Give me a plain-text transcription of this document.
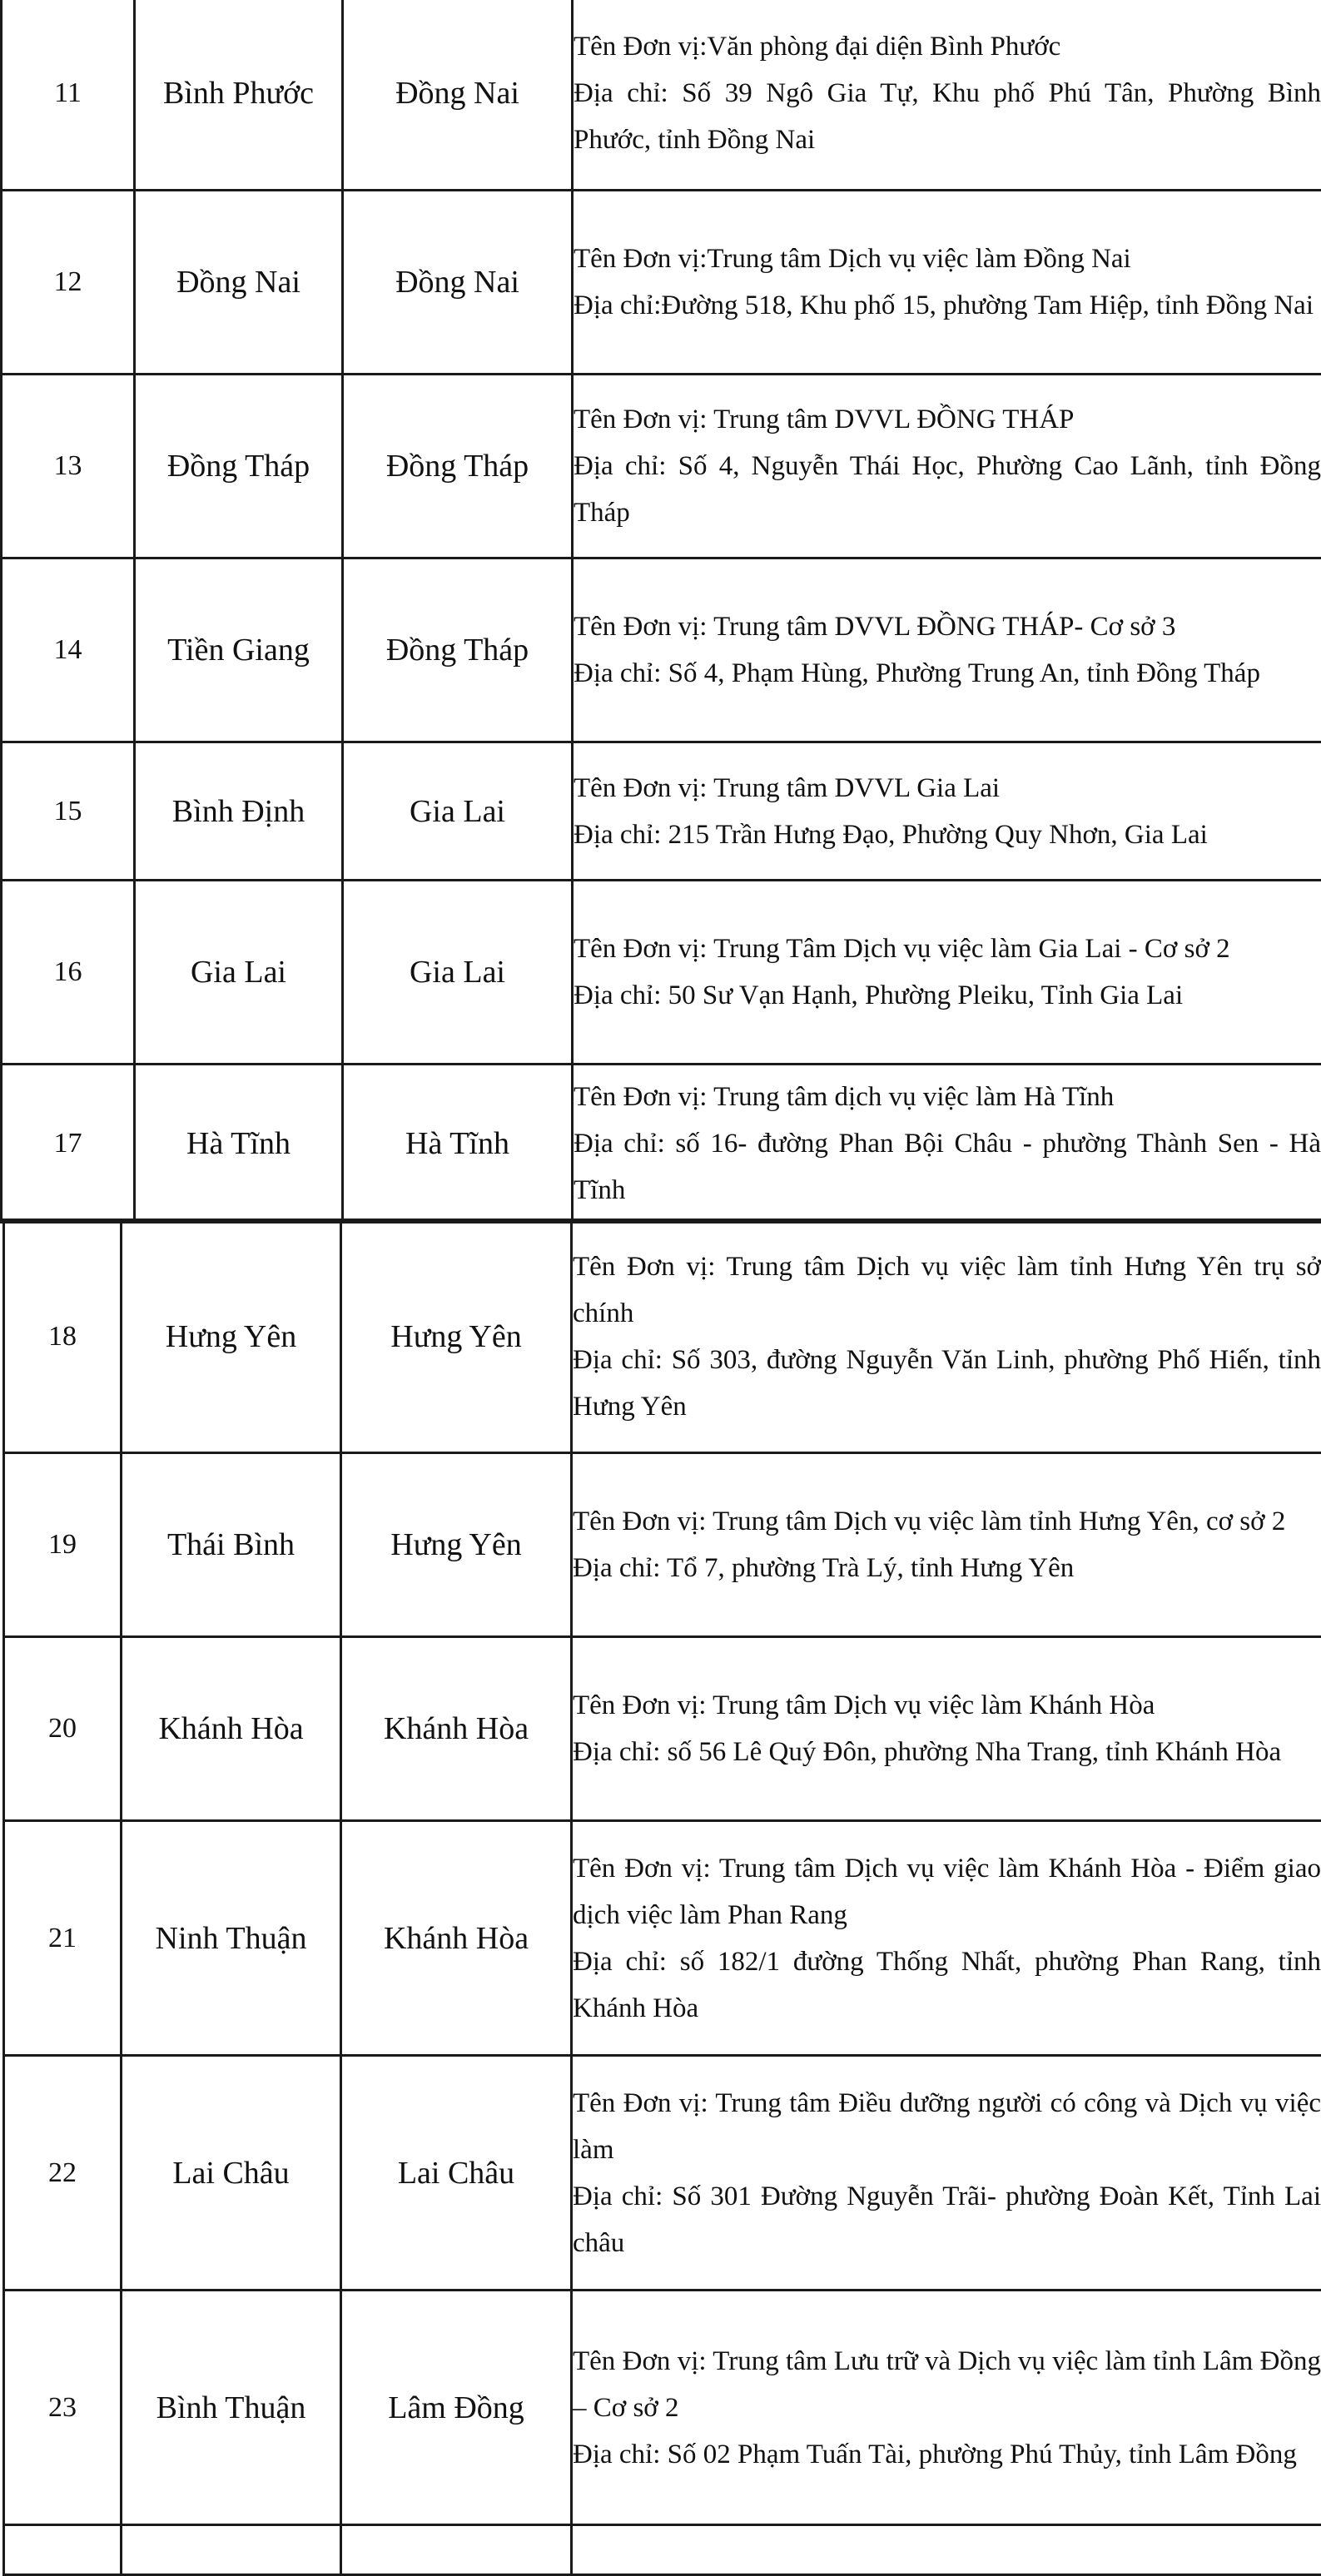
11	Bình Phước	Đồng Nai	Tên Đơn vị:Văn phòng đại diện Bình Phước
Địa chỉ: Số 39 Ngô Gia Tự, Khu phố Phú Tân, Phường Bình Phước, tỉnh Đồng Nai

12	Đồng Nai	Đồng Nai	Tên Đơn vị:Trung tâm Dịch vụ việc làm Đồng Nai
Địa chỉ:Đường 518, Khu phố 15, phường Tam Hiệp, tỉnh Đồng Nai

13	Đồng Tháp	Đồng Tháp	Tên Đơn vị: Trung tâm DVVL ĐỒNG THÁP
Địa chỉ: Số 4, Nguyễn Thái Học, Phường Cao Lãnh, tỉnh Đồng Tháp

14	Tiền Giang	Đồng Tháp	Tên Đơn vị: Trung tâm DVVL ĐỒNG THÁP- Cơ sở 3
Địa chỉ: Số 4, Phạm Hùng, Phường Trung An, tỉnh Đồng Tháp

15	Bình Định	Gia Lai	Tên Đơn vị: Trung tâm DVVL Gia Lai
Địa chỉ: 215 Trần Hưng Đạo, Phường Quy Nhơn, Gia Lai

16	Gia Lai	Gia Lai	Tên Đơn vị: Trung Tâm Dịch vụ việc làm Gia Lai - Cơ sở 2
Địa chỉ: 50 Sư Vạn Hạnh, Phường Pleiku, Tỉnh Gia Lai

17	Hà Tĩnh	Hà Tĩnh	Tên Đơn vị: Trung tâm dịch vụ việc làm Hà Tĩnh
Địa chỉ: số 16- đường Phan Bội Châu - phường Thành Sen - Hà Tĩnh
18	Hưng Yên	Hưng Yên	Tên Đơn vị: Trung tâm Dịch vụ việc làm tỉnh Hưng Yên trụ sở chính
Địa chỉ: Số 303, đường Nguyễn Văn Linh, phường Phố Hiến, tỉnh Hưng Yên

19	Thái Bình	Hưng Yên	Tên Đơn vị: Trung tâm Dịch vụ việc làm tỉnh Hưng Yên, cơ sở 2
Địa chỉ: Tổ 7, phường Trà Lý, tỉnh Hưng Yên

20	Khánh Hòa	Khánh Hòa	Tên Đơn vị: Trung tâm Dịch vụ việc làm Khánh Hòa
Địa chỉ: số 56 Lê Quý Đôn, phường Nha Trang, tỉnh Khánh Hòa

21	Ninh Thuận	Khánh Hòa	Tên Đơn vị: Trung tâm Dịch vụ việc làm Khánh Hòa - Điểm giao dịch việc làm Phan Rang
Địa chỉ: số 182/1 đường Thống Nhất, phường Phan Rang, tỉnh Khánh Hòa

22	Lai Châu	Lai Châu	Tên Đơn vị: Trung tâm Điều dưỡng người có công và Dịch vụ việc làm
Địa chỉ: Số 301 Đường Nguyễn Trãi- phường Đoàn Kết, Tỉnh Lai châu

23	Bình Thuận	Lâm Đồng	Tên Đơn vị: Trung tâm Lưu trữ và Dịch vụ việc làm tỉnh Lâm Đồng – Cơ sở 2
Địa chỉ: Số 02 Phạm Tuấn Tài, phường Phú Thủy, tỉnh Lâm Đồng
